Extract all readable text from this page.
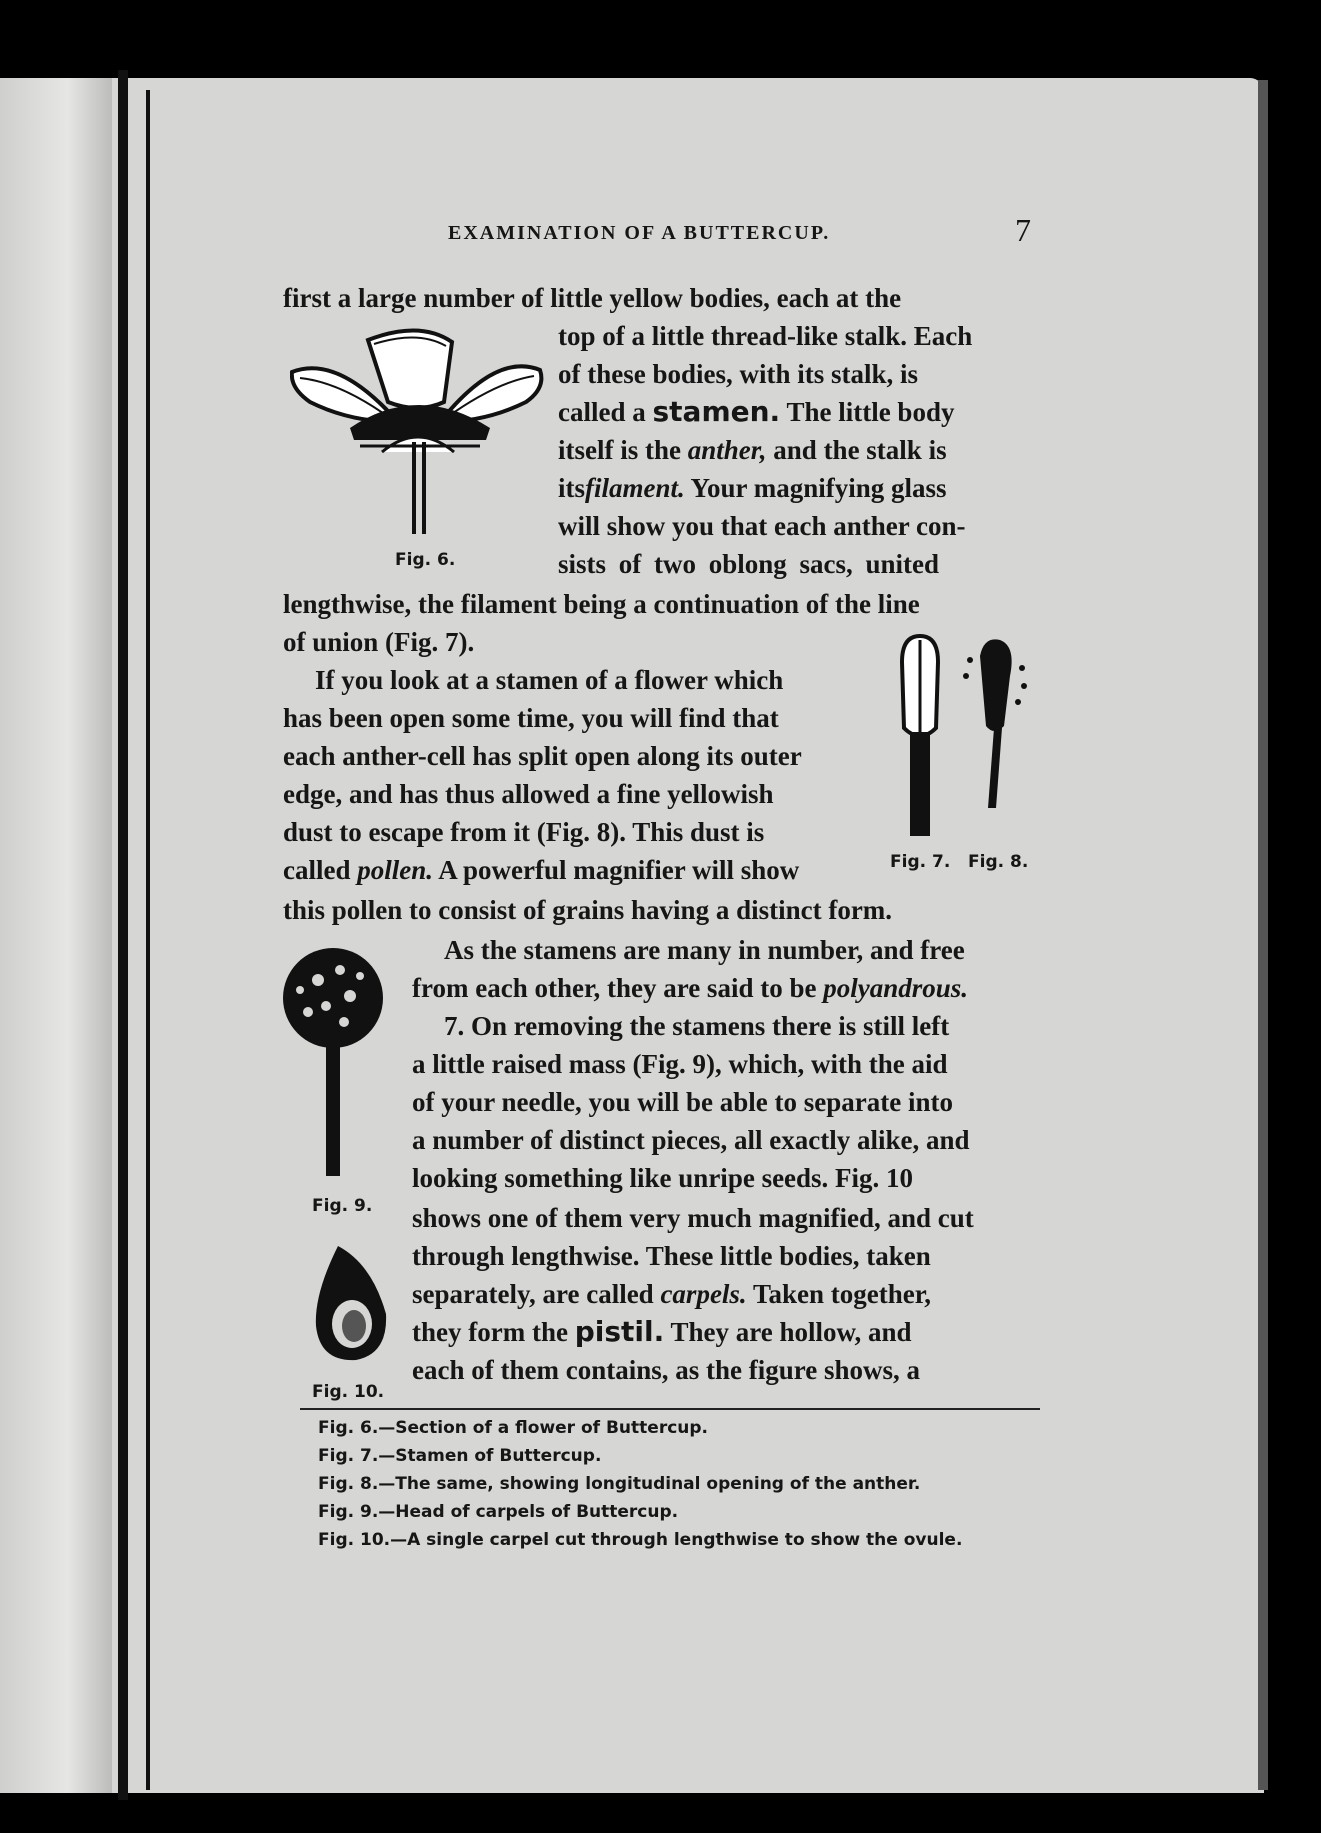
EXAMINATION OF A BUTTERCUP.	7
first a large number of little yellow bodies, each at the
top of a little thread-like stalk. Each
of these bodies, with its stalk, is
called a stamen. The little body
itself is the anther, and the stalk is
itsfilament. Your magnifying glass
will show you that each anther con-
sists of two oblong sacs, united
lengthwise, the filament being a continuation of the line
of union (Fig. 7).
If you look at a stamen of a flower which
has been open some time, you will find that
each anther-cell has split open along its outer
edge, and has thus allowed a fine yellowish
dust to escape from it (Fig. 8). This dust is
called pollen. A powerful magnifier will show
this pollen to consist of grains having a distinct form.
As the stamens are many in number, and free
from each other, they are said to be polyandrous.
7. On removing the stamens there is still left
a little raised mass (Fig. 9), which, with the aid
of your needle, you will be able to separate into
a number of distinct pieces, all exactly alike, and
looking something like unripe seeds. Fig. 10
shows one of them very much magnified, and cut
through lengthwise. These little bodies, taken
separately, are called carpels. Taken together,
they form the pistil. They are hollow, and
each of them contains, as the figure shows, a
Fig. 6.
Fig. 7. Fig. 8.
Fig. 9.
Fig. 10.
Fig. 6.—Section of a flower of Buttercup.
Fig. 7.—Stamen of Buttercup.
Fig. 8.—The same, showing longitudinal opening of the anther.
Fig. 9.—Head of carpels of Buttercup.
Fig. 10.—A single carpel cut through lengthwise to show the ovule.
